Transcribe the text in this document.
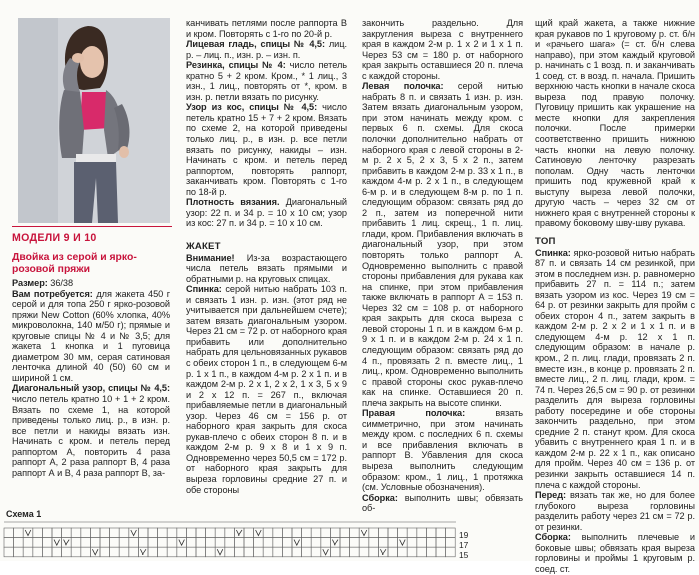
МОДЕЛИ 9 И 10
Двойка из серой и ярко-розовой пряжи

Размер: 36/38

Вам потребуется: для жакета 450 г серой и для топа 250 г ярко-розовой пряжи New Cotton (60% хлопка, 40% микроволокна, 140 м/50 г); прямые и круговые спицы № 4 и № 3,5; для жакета 1 кнопка и 1 пуговица диаметром 30 мм, серая сатиновая ленточка длиной 40 (50) 60 см и шириной 1 см.

Диагональный узор, спицы № 4,5: число петель кратно 10 + 1 + 2 кром. Вязать по схеме 1, на которой приведены только лиц. р., в изн. р. все петли и накиды вязать изн. Начинать с кром. и петель перед раппортом А, повторить 4 раза раппорт А, 2 раза раппорт В, 4 раза раппорт А и В, 4 раза раппорт В, за-

канчивать петлями после раппорта В и кром. Повторять с 1-го по 20-й р.

Лицевая гладь, спицы № 4,5: лиц. р. – лиц. п., изн. р. – изн. п.

Резинка, спицы № 4: число петель кратно 5 + 2 кром. Кром., * 1 лиц., 3 изн., 1 лиц., повторять от *, кром. в изн. р. петли вязать по рисунку.

Узор из кос, спицы № 4,5: число петель кратно 15 + 7 + 2 кром. Вязать по схеме 2, на которой приведены только лиц. р., в изн. р. все петли вязать по рисунку, накиды – изн. Начинать с кром. и петель перед раппортом, повторять раппорт, заканчивать кром. Повторять с 1-го по 18-й р.

Плотность вязания. Диагональный узор: 22 п. и 34 р. = 10 х 10 см; узор из кос: 27 п. и 34 р. = 10 х 10 см.

ЖАКЕТ

Внимание! Из-за возрастающего числа петель вязать прямыми и обратными р. на круговых спицах.

Спинка: серой нитью набрать 103 п. и связать 1 изн. р. изн. (этот ряд не учитывается при дальнейшем счете); затем вязать диагональным узором. Через 21 см = 72 р. от наборного края прибавить или дополнительно набрать для цельновязанных рукавов с обеих сторон 1 п., в следующем 6-м р. 1 х 1 п., в каждом 4-м р. 2 х 1 п. и в каждом 2-м р. 2 х 1, 2 х 2, 1 х 3, 5 х 9 и 2 х 12 п. = 267 п., включая прибавляемые петли в диагональный узор. Через 46 см = 156 р. от наборного края закрыть для скоса рукав-плечо с обеих сторон 8 п. и в каждом 2-м р. 9 х 8 и 1 х 9 п. Одновременно через 50,5 см = 172 р. от наборного края закрыть для выреза горловины средние 27 п. и обе стороны

закончить раздельно. Для закругления выреза с внутреннего края в каждом 2-м р. 1 х 2 и 1 х 1 п. Через 53 см = 180 р. от наборного края закрыть оставшиеся 20 п. плеча с каждой стороны.

Левая полочка: серой нитью набрать 8 п. и связать 1 изн. р. изн. Затем вязать диагональным узором, при этом начинать между кром. с первых 6 п. схемы. Для скоса полочки дополнительно набрать от наборного края с левой стороны в 2-м р. 2 х 5, 2 х 3, 5 х 2 п., затем прибавить в каждом 2-м р. 33 х 1 п., в каждом 4-м р. 2 х 1 п., в следующем 6-м р. и в следующем 8-м р. по 1 п. следующим образом: связать ряд до 2 п., затем из поперечной нити прибавить 1 лиц. скрещ., 1 п. лиц. глади, кром. Прибавления включать в диагональный узор, при этом повторять только раппорт А. Одновременно выполнить с правой стороны прибавления для рукава как на спинке, при этом прибавления также включать в раппорт А = 153 п. Через 32 см = 108 р. от наборного края закрыть для скоса выреза с левой стороны 1 п. и в каждом 6-м р. 9 х 1 п. и в каждом 2-м р. 24 х 1 п. следующим образом: связать ряд до 4 п., провязать 2 п. вместе лиц., 1 лиц., кром. Одновременно выполнить с правой стороны скос рукав-плечо как на спинке. Оставшиеся 20 п. плеча закрыть на высоте спинки.

Правая полочка: вязать симметрично, при этом начинать между кром. с последних 6 п. схемы и все прибавления включать в раппорт В. Убавления для скоса выреза выполнить следующим образом: кром., 1 лиц., 1 протяжка (см. Условные обозначения).

Сборка: выполнить швы; обвязать об-

щий край жакета, а также нижние края рукавов по 1 круговому р. ст. б/н и «рачьего шага» (= ст. б/н слева направо), при этом каждый круговой р. начинать с 1 возд. п. и заканчивать 1 соед. ст. в возд. п. начала. Пришить верхнюю часть кнопки в начале скоса выреза под правую полочку. Пуговицу пришить как украшение на месте кнопки для закрепления полочки. После примерки соответственно пришить нижнюю часть кнопки на левую полочку. Сатиновую ленточку разрезать пополам. Одну часть ленточки пришить под кружевной край к выступу выреза левой полочки, другую часть – через 32 см от нижнего края с внутренней стороны к правому боковому шву-шву рукава.

ТОП

Спинка: ярко-розовой нитью набрать 87 п. и связать 14 см резинкой, при этом в последнем изн. р. равномерно прибавить 27 п. = 114 п.; затем вязать узором из кос. Через 19 см = 64 р. от резинки закрыть для пройм с обеих сторон 4 п., затем закрыть в каждом 2-м р. 2 х 2 и 1 х 1 п. и в следующем 4-м р. 12 х 1 п. следующим образом: в начале р. кром., 2 п. лиц. глади, провязать 2 п. вместе изн., в конце р. провязать 2 п. вместе лиц., 2 п. лиц. глади, кром. = 74 п. Через 26,5 см = 90 р. от резинки разделить для выреза горловины работу посередине и обе стороны закончить раздельно, при этом средние 2 п. станут кром. Для скоса убавить с внутреннего края 1 п. и в каждом 2-м р. 22 х 1 п., как описано для пройм. Через 40 см = 136 р. от резинки закрыть оставшиеся 14 п. плеча с каждой стороны.

Перед: вязать так же, но для более глубокого выреза горловины разделить работу через 21 см = 72 р. от резинки.

Сборка: выполнить плечевые и боковые швы; обвязать края выреза горловины и проймы 1 круговым р. соед. ст.

Схема 1
19
17
15
